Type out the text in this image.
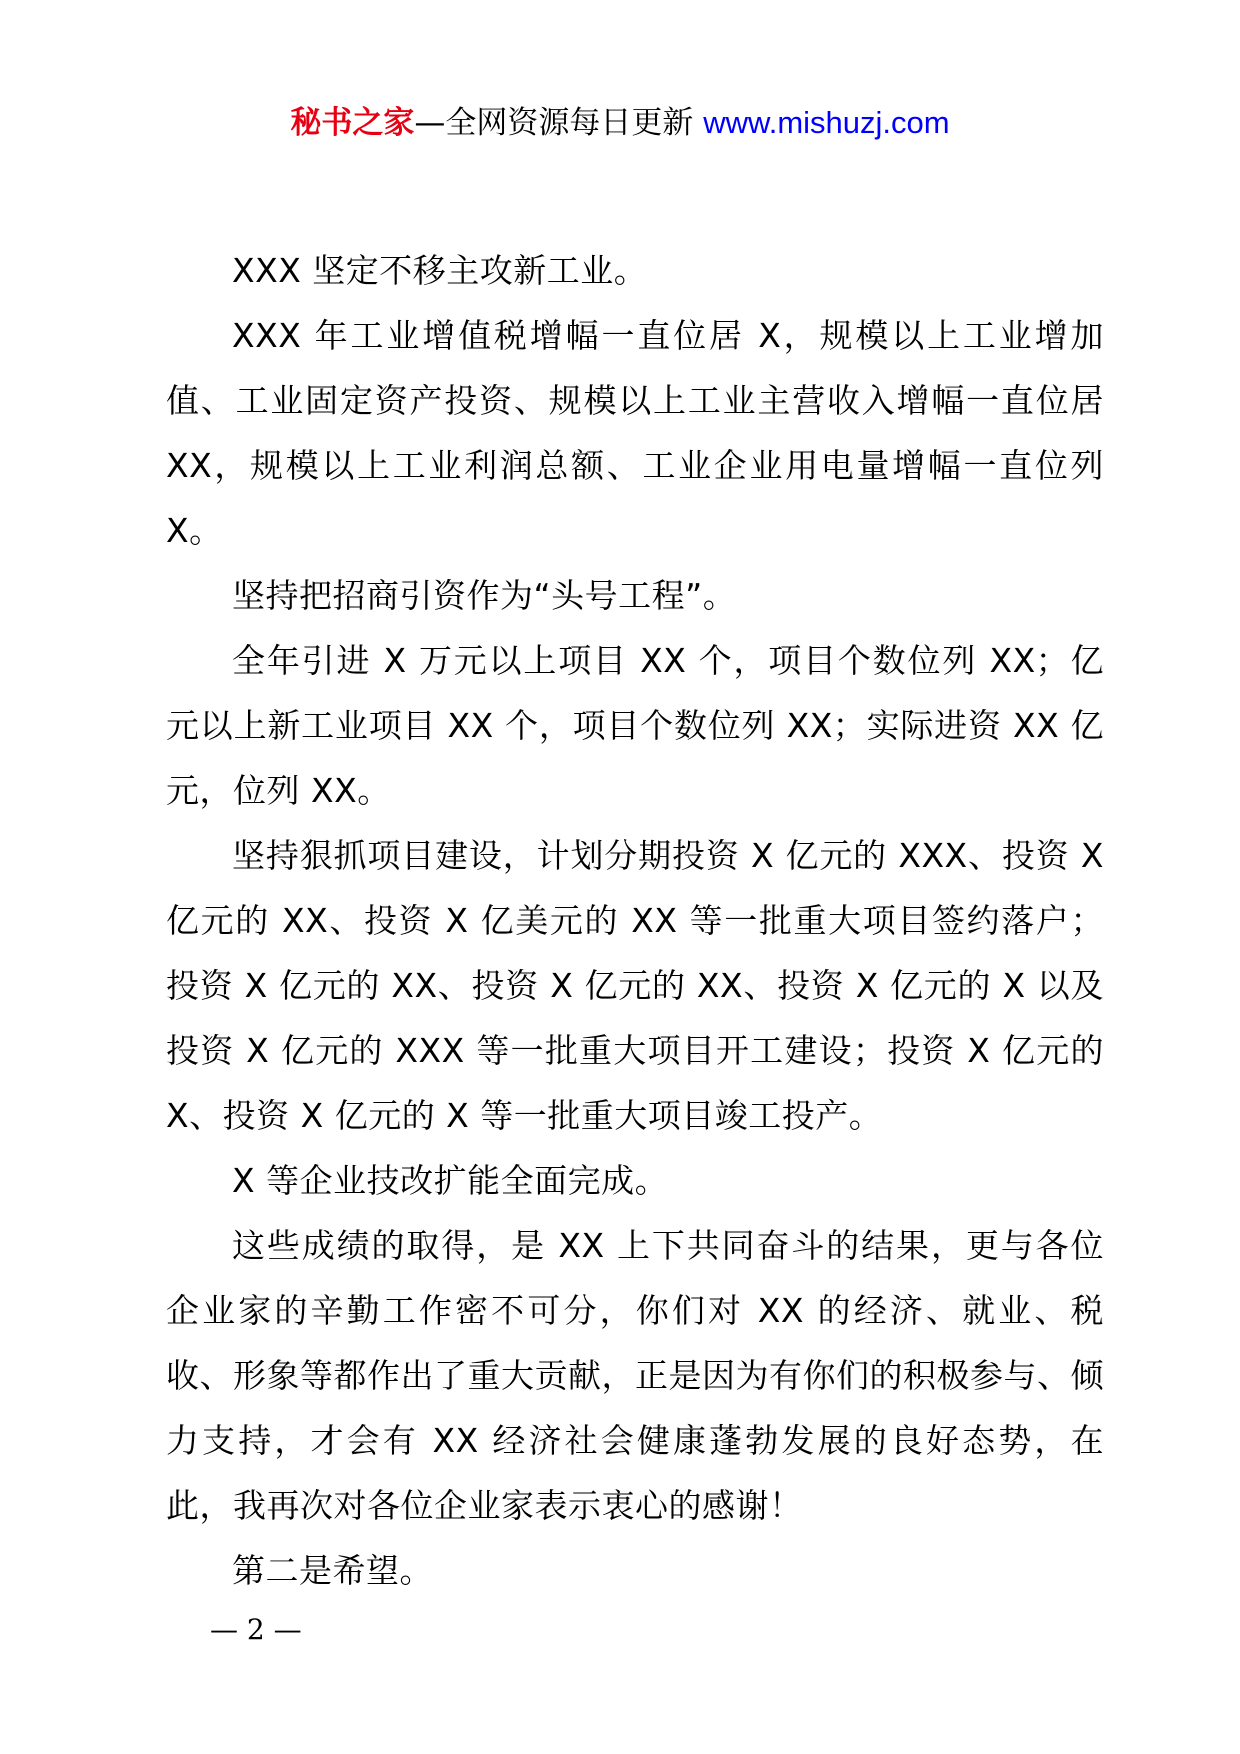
秘书之家—全网资源每日更新 www.mishuzj.com

XXX 坚定不移主攻新工业。

XXX 年工业增值税增幅一直位居 X，规模以上工业增加值、工业固定资产投资、规模以上工业主营收入增幅一直位居 XX，规模以上工业利润总额、工业企业用电量增幅一直位列 X。

坚持把招商引资作为“头号工程”。

全年引进 X 万元以上项目 XX 个，项目个数位列 XX；亿元以上新工业项目 XX 个，项目个数位列 XX；实际进资 XX 亿元，位列 XX。

坚持狠抓项目建设，计划分期投资 X 亿元的 XXX、投资 X 亿元的 XX、投资 X 亿美元的 XX 等一批重大项目签约落户；投资 X 亿元的 XX、投资 X 亿元的 XX、投资 X 亿元的 X 以及投资 X 亿元的 XXX 等一批重大项目开工建设；投资 X 亿元的 X、投资 X 亿元的 X 等一批重大项目竣工投产。

X 等企业技改扩能全面完成。

这些成绩的取得，是 XX 上下共同奋斗的结果，更与各位企业家的辛勤工作密不可分，你们对 XX 的经济、就业、税收、形象等都作出了重大贡献，正是因为有你们的积极参与、倾力支持，才会有 XX 经济社会健康蓬勃发展的良好态势，在此，我再次对各位企业家表示衷心的感谢！

第二是希望。

— 2 —
